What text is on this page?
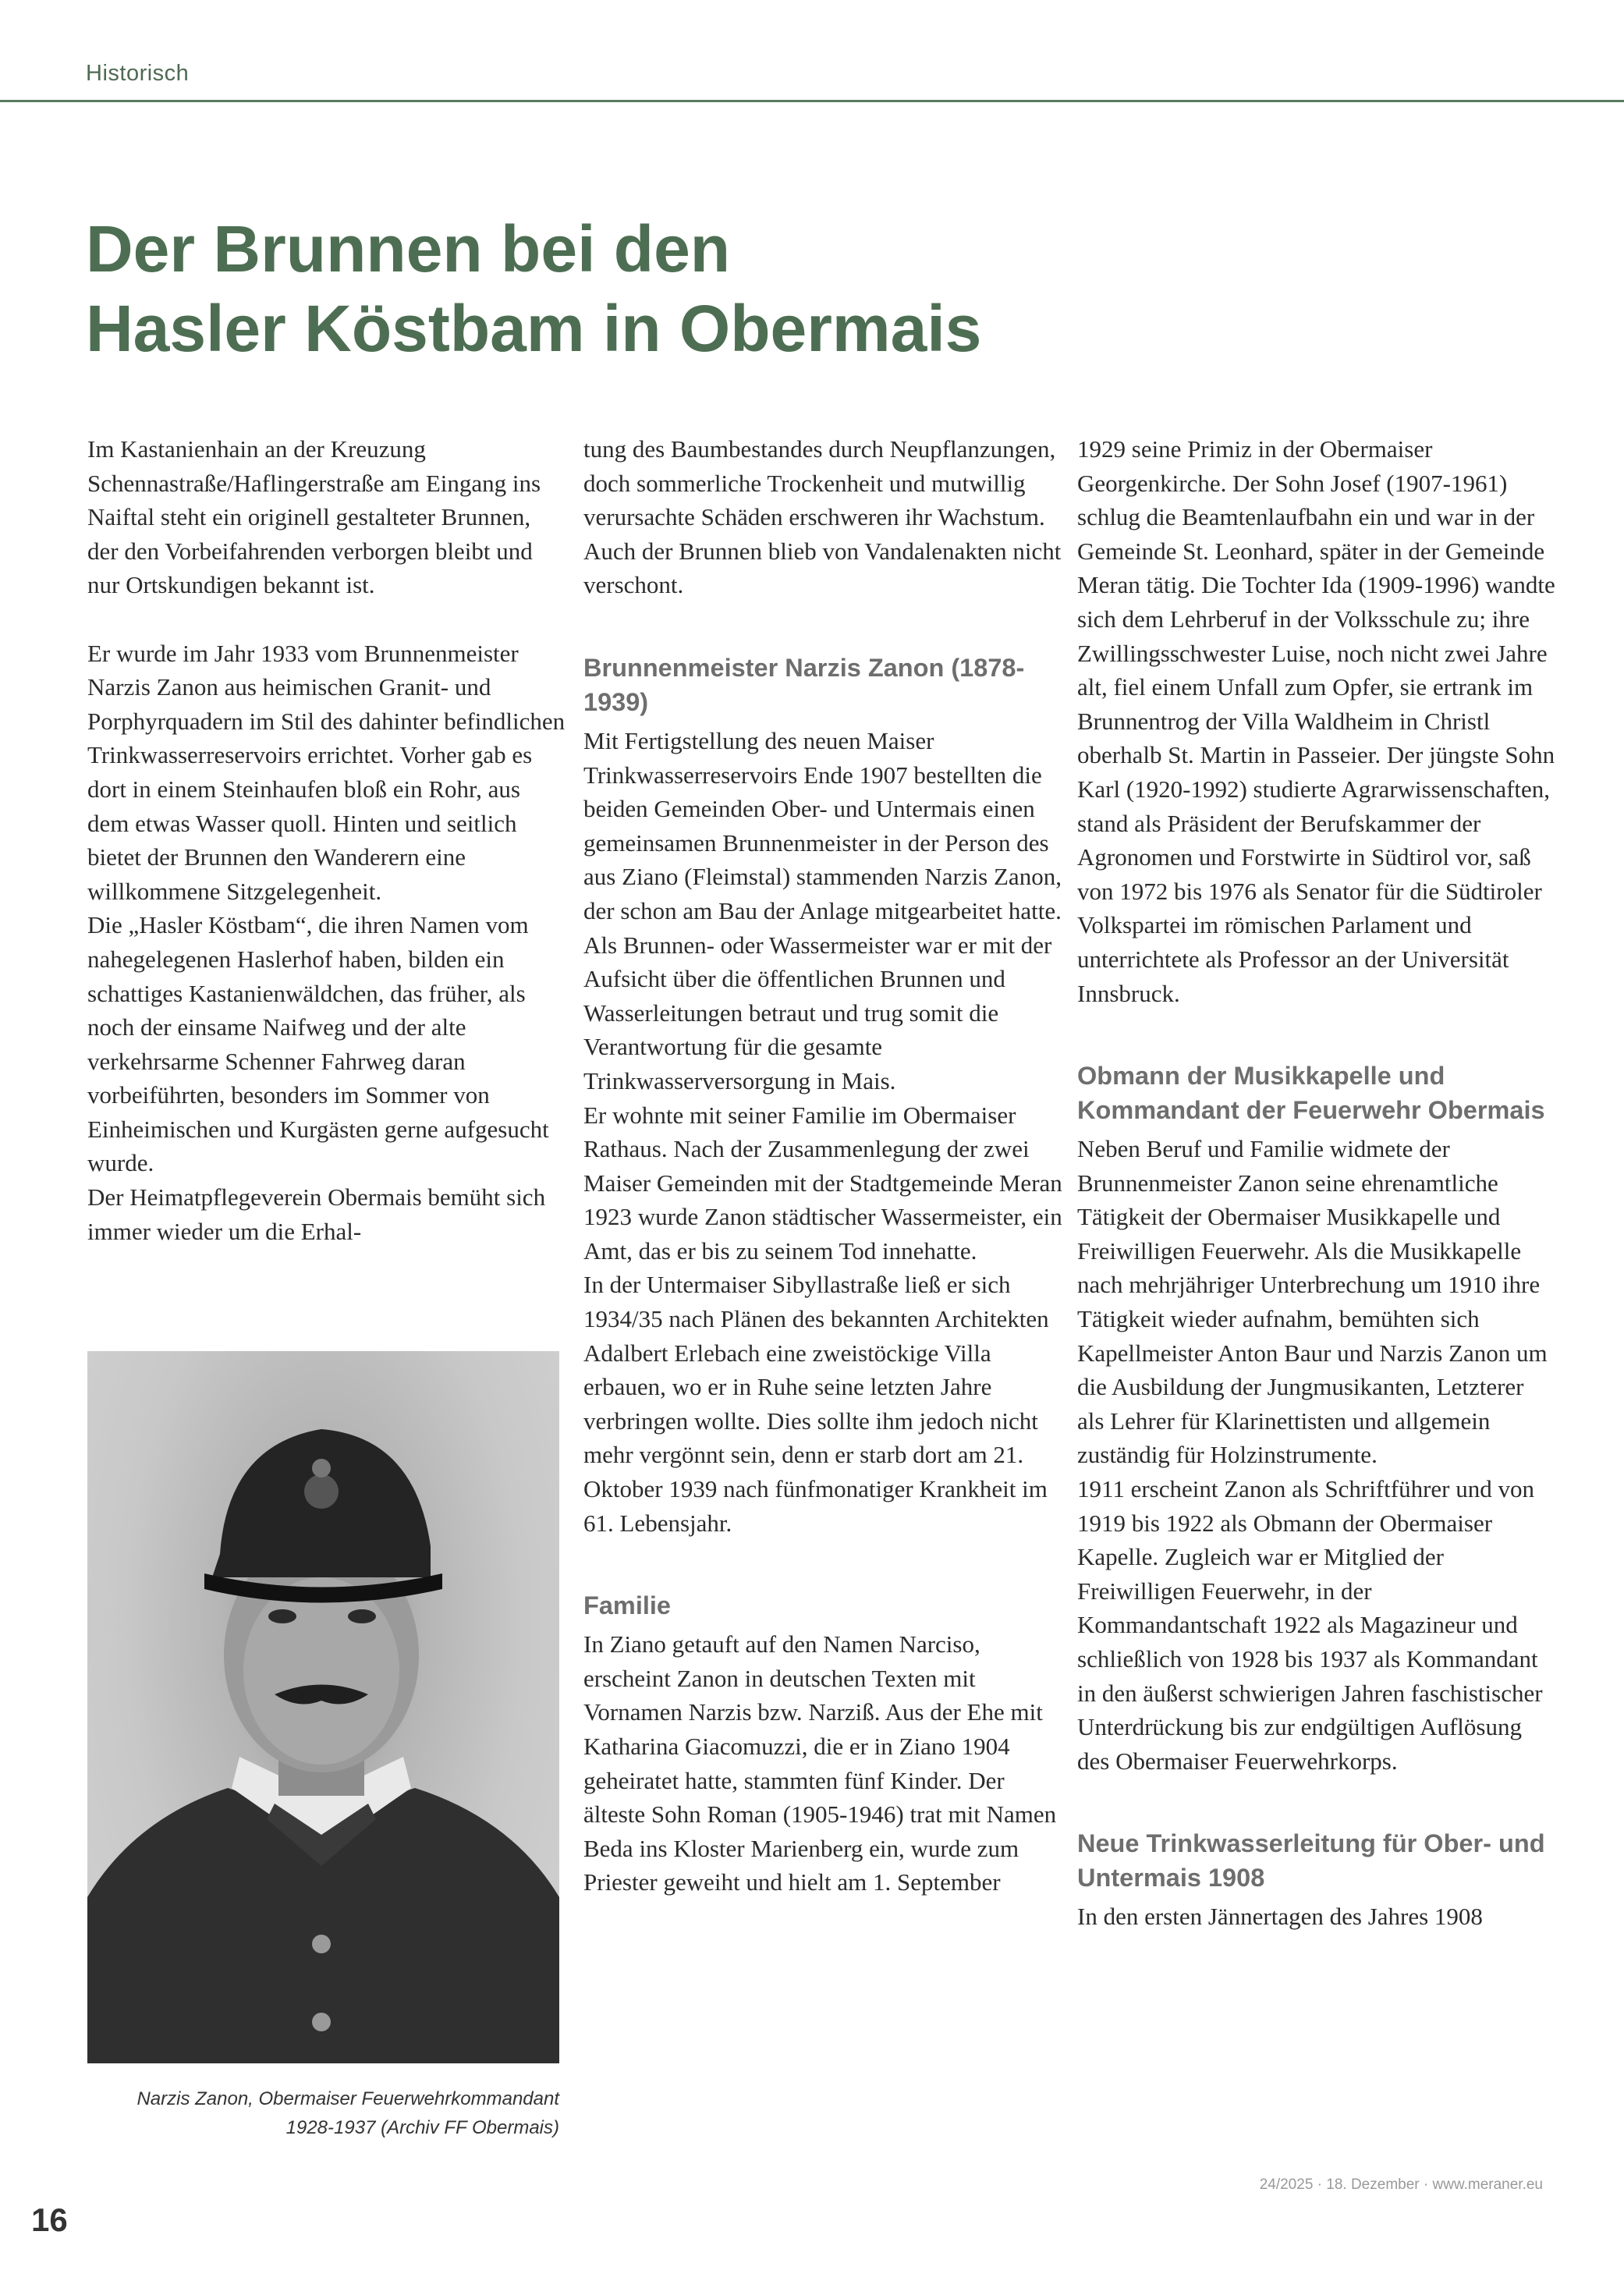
Historisch
Der Brunnen bei den
Hasler Köstbam in Obermais

Im Kastanienhain an der Kreuzung Schennastraße/Haflingerstraße am Eingang ins Naiftal steht ein originell gestalteter Brunnen, der den Vorbeifahrenden verborgen bleibt und nur Ortskundigen bekannt ist.

Er wurde im Jahr 1933 vom Brunnenmeister Narzis Zanon aus heimischen Granit- und Porphyrquadern im Stil des dahinter befindlichen Trinkwasserreservoirs errichtet. Vorher gab es dort in einem Steinhaufen bloß ein Rohr, aus dem etwas Wasser quoll. Hinten und seitlich bietet der Brunnen den Wanderern eine willkommene Sitzgelegenheit.

Die „Hasler Köstbam“, die ihren Namen vom nahegelegenen Haslerhof haben, bilden ein schattiges Kastanienwäldchen, das früher, als noch der einsame Naifweg und der alte verkehrsarme Schenner Fahrweg daran vorbeiführten, besonders im Sommer von Einheimischen und Kurgästen gerne aufgesucht wurde.

Der Heimatpflegeverein Obermais bemüht sich immer wieder um die Erhal-

Narzis Zanon, Obermaiser Feuerwehrkommandant
1928-1937 (Archiv FF Obermais)

tung des Baumbestandes durch Neupflanzungen, doch sommerliche Trockenheit und mutwillig verursachte Schäden erschweren ihr Wachstum. Auch der Brunnen blieb von Vandalenakten nicht verschont.

Brunnenmeister Narzis Zanon (1878-1939)

Mit Fertigstellung des neuen Maiser Trinkwasserreservoirs Ende 1907 bestellten die beiden Gemeinden Ober- und Untermais einen gemeinsamen Brunnenmeister in der Person des aus Ziano (Fleimstal) stammenden Narzis Zanon, der schon am Bau der Anlage mitgearbeitet hatte.

Als Brunnen- oder Wassermeister war er mit der Aufsicht über die öffentlichen Brunnen und Wasserleitungen betraut und trug somit die Verantwortung für die gesamte Trinkwasserversorgung in Mais.

Er wohnte mit seiner Familie im Obermaiser Rathaus. Nach der Zusammenlegung der zwei Maiser Gemeinden mit der Stadtgemeinde Meran 1923 wurde Zanon städtischer Wassermeister, ein Amt, das er bis zu seinem Tod innehatte.

In der Untermaiser Sibyllastraße ließ er sich 1934/35 nach Plänen des bekannten Architekten Adalbert Erlebach eine zweistöckige Villa erbauen, wo er in Ruhe seine letzten Jahre verbringen wollte. Dies sollte ihm jedoch nicht mehr vergönnt sein, denn er starb dort am 21. Oktober 1939 nach fünfmonatiger Krankheit im 61. Lebensjahr.

Familie

In Ziano getauft auf den Namen Narciso, erscheint Zanon in deutschen Texten mit Vornamen Narzis bzw. Narziß. Aus der Ehe mit Katharina Giacomuzzi, die er in Ziano 1904 geheiratet hatte, stammten fünf Kinder. Der älteste Sohn Roman (1905-1946) trat mit Namen Beda ins Kloster Marienberg ein, wurde zum Priester geweiht und hielt am 1. September

1929 seine Primiz in der Obermaiser Georgenkirche. Der Sohn Josef (1907-1961) schlug die Beamtenlaufbahn ein und war in der Gemeinde St. Leonhard, später in der Gemeinde Meran tätig. Die Tochter Ida (1909-1996) wandte sich dem Lehrberuf in der Volksschule zu; ihre Zwillingsschwester Luise, noch nicht zwei Jahre alt, fiel einem Unfall zum Opfer, sie ertrank im Brunnentrog der Villa Waldheim in Christl oberhalb St. Martin in Passeier. Der jüngste Sohn Karl (1920-1992) studierte Agrarwissenschaften, stand als Präsident der Berufskammer der Agronomen und Forstwirte in Südtirol vor, saß von 1972 bis 1976 als Senator für die Südtiroler Volkspartei im römischen Parlament und unterrichtete als Professor an der Universität Innsbruck.

Obmann der Musikkapelle und Kommandant der Feuerwehr Obermais

Neben Beruf und Familie widmete der Brunnenmeister Zanon seine ehrenamtliche Tätigkeit der Obermaiser Musikkapelle und Freiwilligen Feuerwehr. Als die Musikkapelle nach mehrjähriger Unterbrechung um 1910 ihre Tätigkeit wieder aufnahm, bemühten sich Kapellmeister Anton Baur und Narzis Zanon um die Ausbildung der Jungmusikanten, Letzterer als Lehrer für Klarinettisten und allgemein zuständig für Holzinstrumente.

1911 erscheint Zanon als Schriftführer und von 1919 bis 1922 als Obmann der Obermaiser Kapelle. Zugleich war er Mitglied der Freiwilligen Feuerwehr, in der Kommandantschaft 1922 als Magazineur und schließlich von 1928 bis 1937 als Kommandant in den äußerst schwierigen Jahren faschistischer Unterdrückung bis zur endgültigen Auflösung des Obermaiser Feuerwehrkorps.

Neue Trinkwasserleitung für Ober- und Untermais 1908

In den ersten Jännertagen des Jahres 1908

16
24/2025 · 18. Dezember · www.meraner.eu
